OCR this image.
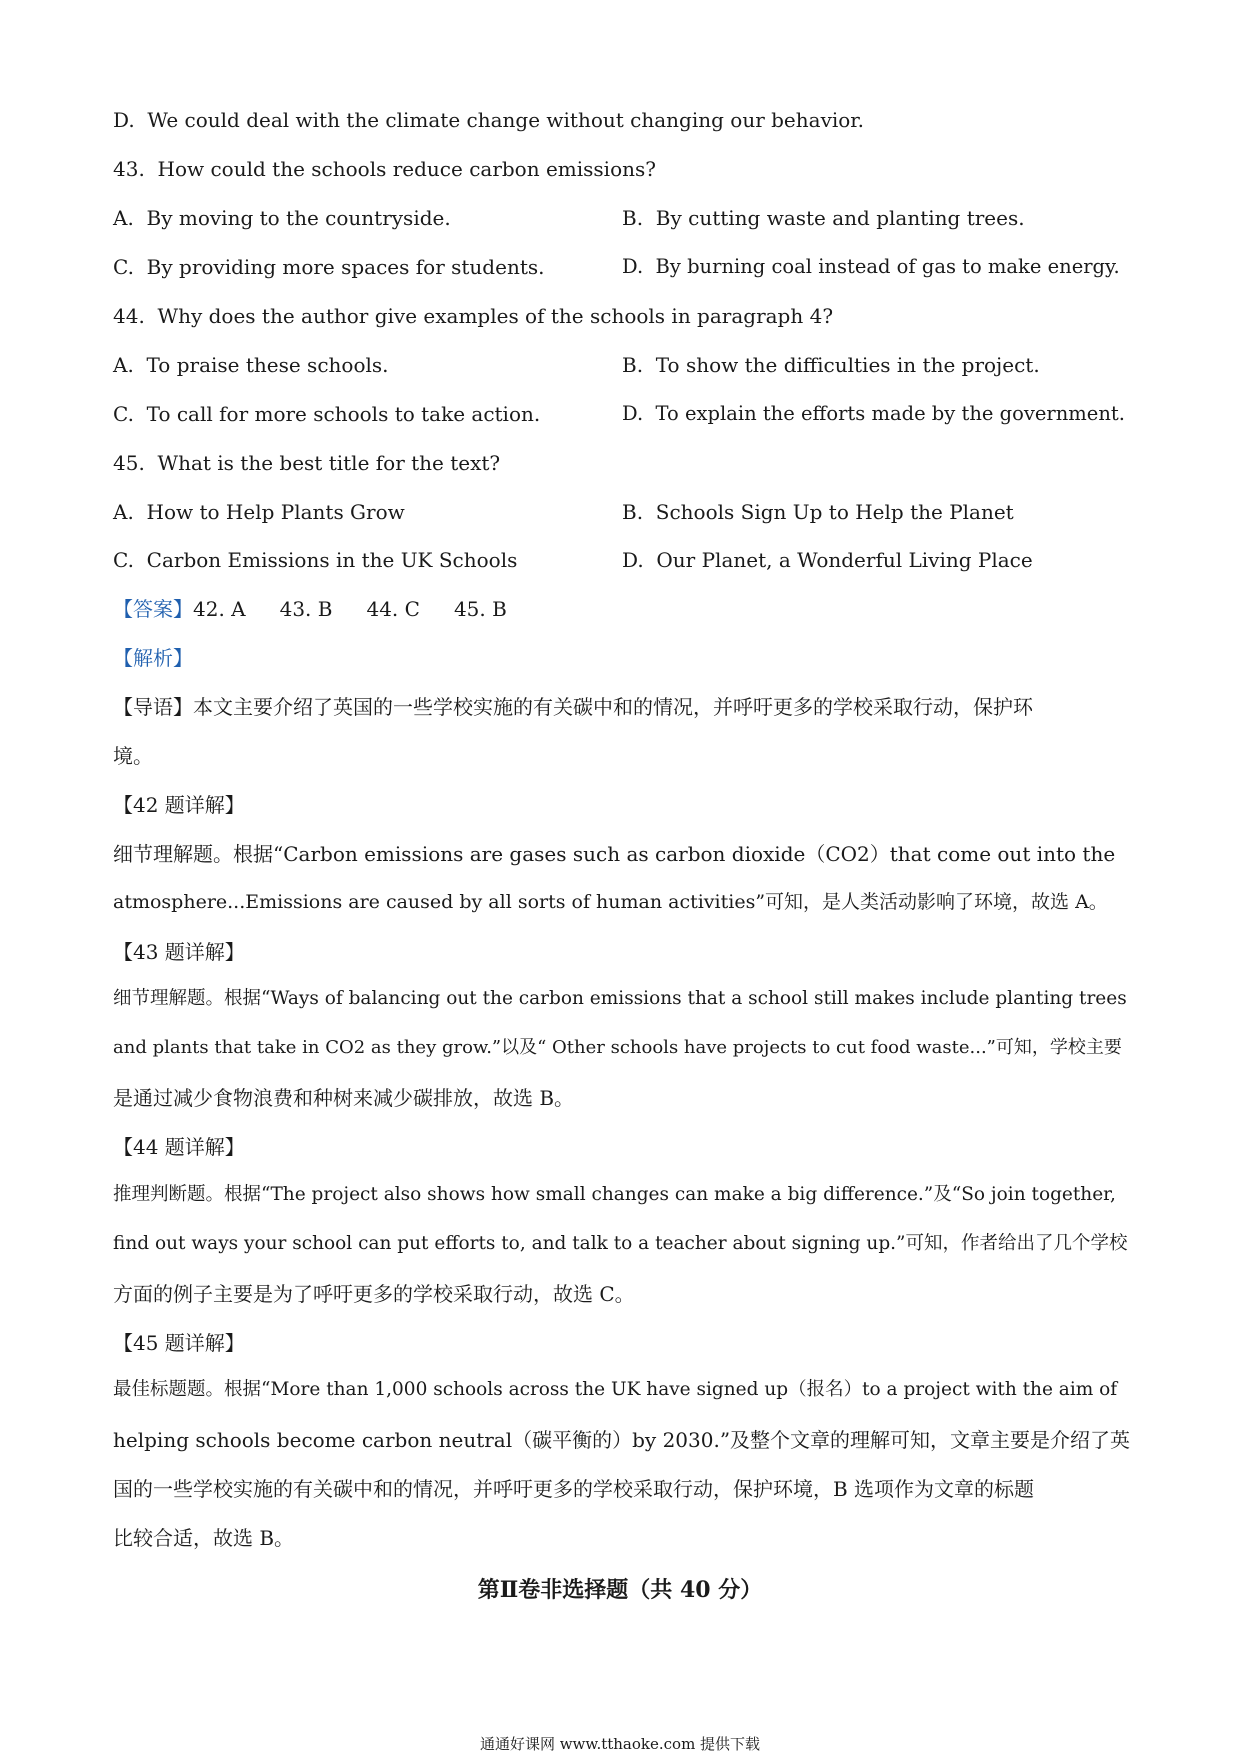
D.  We could deal with the climate change without changing our behavior.
43.  How could the schools reduce carbon emissions?
A.  By moving to the countryside.	B.  By cutting waste and planting trees.
C.  By providing more spaces for students.	D.  By burning coal instead of gas to make energy.
44.  Why does the author give examples of the schools in paragraph 4?
A.  To praise these schools.	B.  To show the difficulties in the project.
C.  To call for more schools to take action.	D.  To explain the efforts made by the government.
45.  What is the best title for the text?
A.  How to Help Plants Grow	B.  Schools Sign Up to Help the Planet
C.  Carbon Emissions in the UK Schools	D.  Our Planet, a Wonderful Living Place
【答案】42. A 43. B 44. C 45. B
【解析】
【导语】本文主要介绍了英国的一些学校实施的有关碳中和的情况，并呼吁更多的学校采取行动，保护环
境。
【42 题详解】
细节理解题。根据“Carbon emissions are gases such as carbon dioxide（CO2）that come out into the
atmosphere...Emissions are caused by all sorts of human activities”可知，是人类活动影响了环境，故选 A。
【43 题详解】
细节理解题。根据“Ways of balancing out the carbon emissions that a school still makes include planting trees
and plants that take in CO2 as they grow.”以及“ Other schools have projects to cut food waste...”可知，学校主要
是通过减少食物浪费和种树来减少碳排放，故选 B。
【44 题详解】
推理判断题。根据“The project also shows how small changes can make a big difference.”及“So join together,
find out ways your school can put efforts to, and talk to a teacher about signing up.”可知，作者给出了几个学校
方面的例子主要是为了呼吁更多的学校采取行动，故选 C。
【45 题详解】
最佳标题题。根据“More than 1,000 schools across the UK have signed up（报名）to a project with the aim of
helping schools become carbon neutral（碳平衡的）by 2030.”及整个文章的理解可知，文章主要是介绍了英
国的一些学校实施的有关碳中和的情况，并呼吁更多的学校采取行动，保护环境，B 选项作为文章的标题
比较合适，故选 B。
第Ⅱ卷非选择题（共 40 分）
通通好课网 www.tthaoke.com 提供下载
